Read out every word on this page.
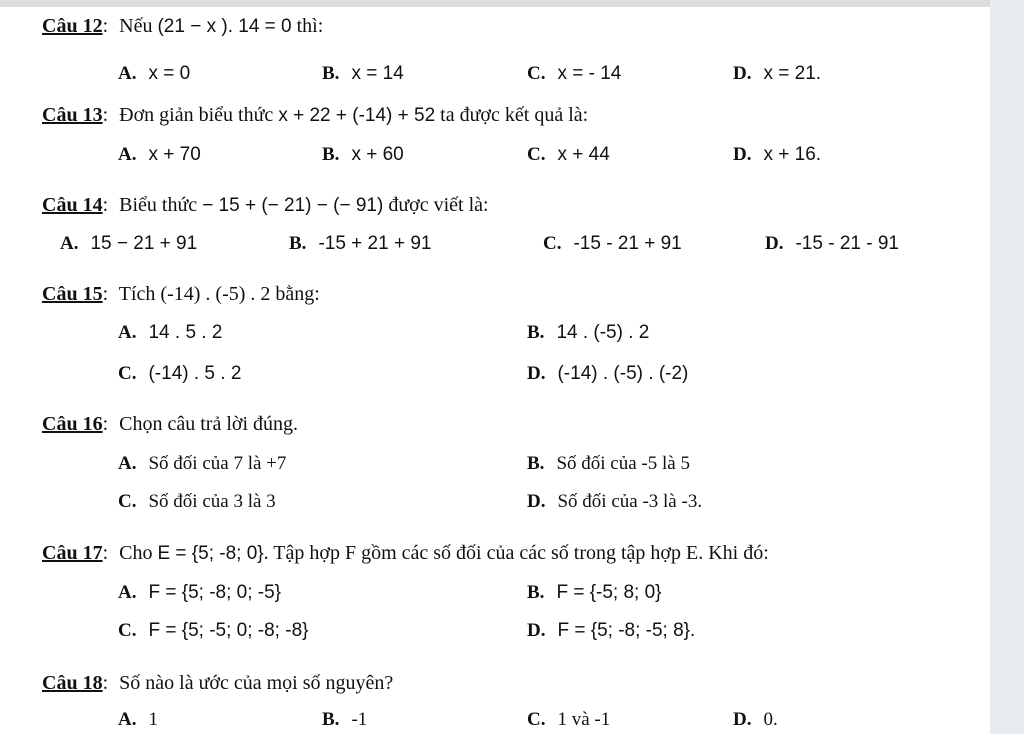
Câu 12: Nếu (21 − x ). 14 = 0 thì:
A. x = 0	B. x = 14	C. x = - 14	D. x = 21.
Câu 13: Đơn giản biểu thức x + 22 + (-14) + 52 ta được kết quả là:
A. x + 70	B. x + 60	C. x + 44	D. x + 16.
Câu 14: Biểu thức − 15 + (− 21) − (− 91) được viết là:
A. 15 − 21 + 91	B. -15 + 21 + 91	C. -15 - 21 + 91	D. -15 - 21 - 91
Câu 15: Tích (-14) . (-5) . 2 bằng:
A. 14 . 5 . 2	B. 14 . (-5) . 2
C. (-14) . 5 . 2	D. (-14) . (-5) . (-2)
Câu 16: Chọn câu trả lời đúng.
A. Số đối của 7 là +7	B. Số đối của -5 là 5
C. Số đối của 3 là 3	D. Số đối của -3 là -3.
Câu 17: Cho E = {5; -8; 0}. Tập hợp F gồm các số đối của các số trong tập hợp E. Khi đó:
A. F = {5; -8; 0; -5}	B. F = {-5; 8; 0}
C. F = {5; -5; 0; -8; -8}	D. F = {5; -8; -5; 8}.
Câu 18: Số nào là ước của mọi số nguyên?
A. 1	B. -1	C. 1 và -1	D. 0.
